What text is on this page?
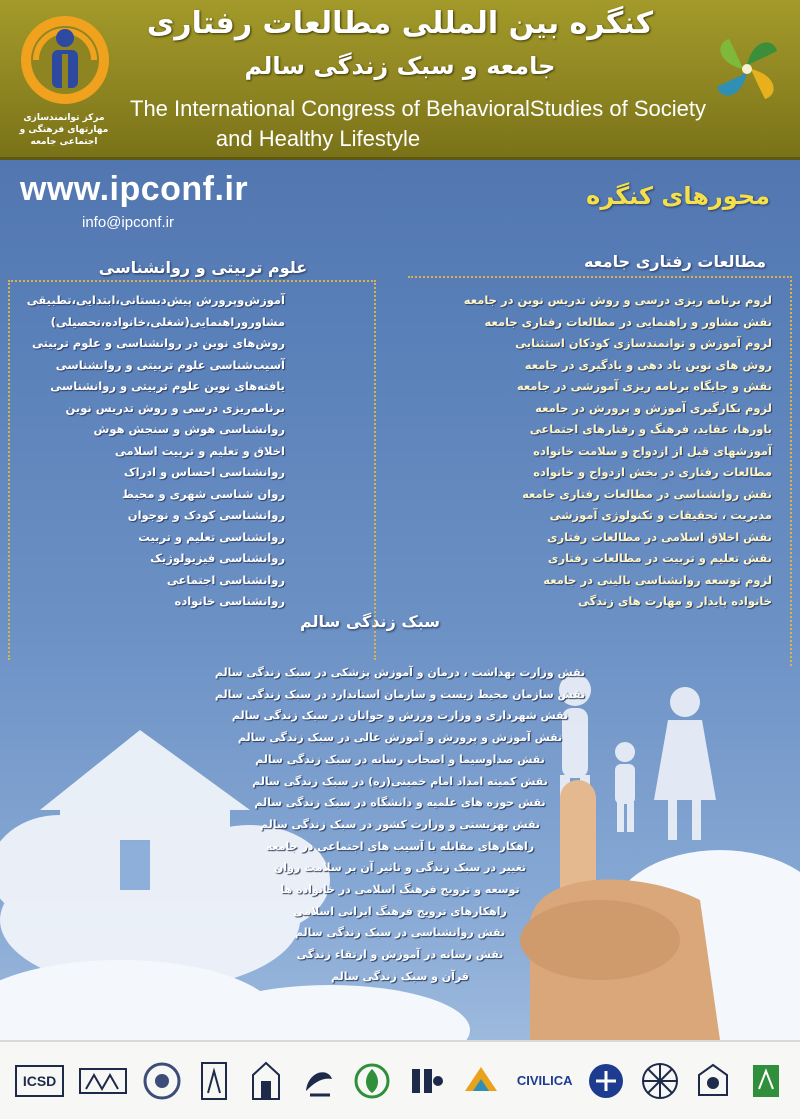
مرکز توانمندسازی مهارتهای فرهنگی و اجتماعی جامعه
کنگره بین المللی مطالعات رفتاری
جامعه و سبک زندگی سالم
The International Congress of BehavioralStudies of Society
and Healthy Lifestyle
www.ipconf.ir
info@ipconf.ir
محورهای کنگره
علوم تربیتی و روانشناسی	مطالعات رفتاری جامعه
سبک زندگی سالم
آموزش‌وپرورش پیش‌دبستانی،ابتدایی،تطبیقی
مشاوروراهنمایی(شغلی،خانواده،تحصیلی)
روش‌های نوین در روانشناسی و علوم تربیتی
آسیب‌شناسی علوم تربیتی و روانشناسی
یافته‌های نوین علوم تربیتی و روانشناسی
برنامه‌ریزی درسی و روش تدریس نوین
روانشناسی هوش و سنجش هوش
اخلاق و تعلیم و تربیت اسلامی
روانشناسی احساس و ادراک
روان شناسی شهری و محیط
روانشناسی کودک و نوجوان
روانشناسی تعلیم و تربیت
روانشناسی فیزیولوژیک
روانشناسی اجتماعی
روانشناسی خانواده
لزوم برنامه ریزی درسی و روش تدریس نوین در جامعه
نقش مشاور و راهنمایی در مطالعات رفتاری جامعه
لزوم آموزش و توانمندسازی کودکان استثنایی
روش های نوین یاد دهی و یادگیری در جامعه
نقش و جایگاه برنامه ریزی آموزشی در جامعه
لزوم بکارگیری آموزش و پرورش در جامعه
باورها، عقاید، فرهنگ و رفتارهای اجتماعی
آموزشهای قبل از ازدواج و سلامت خانواده
مطالعات رفتاری در بخش ازدواج و خانواده
نقش روانشناسی در مطالعات رفتاری جامعه
مدیریت ، تحقیقات و تکنولوژی آموزشی
نقش اخلاق اسلامی در مطالعات رفتاری
نقش تعلیم و تربیت در مطالعات رفتاری
لزوم توسعه روانشناسی بالینی در جامعه
خانواده پایدار و مهارت های زندگی
نقش وزارت بهداشت ، درمان و آموزش پزشکی در سبک زندگی سالم
نقش سازمان محیط زیست و سازمان استاندارد در سبک زندگی سالم
نقش شهرداری و وزارت ورزش و جوانان در سبک زندگی سالم
نقش آموزش و پرورش و آموزش عالی در سبک زندگی سالم
نقش صداوسیما و اصحاب رسانه در سبک زندگی سالم
نقش کمیته امداد امام خمینی(ره) در سبک زندگی سالم
نقش حوزه های علمیه و دانشگاه در سبک زندگی سالم
نقش بهزیستی و وزارت کشور در سبک زندگی سالم
راهکارهای مقابله با آسیب های اجتماعی در جامعه
تغییر در سبک زندگی و تاثیر آن بر سلامت روان
توسعه و ترویج فرهنگ اسلامی در خانواده ها
راهکارهای ترویج فرهنگ ایرانی اسلامی
نقش روانشناسی در سبک زندگی سالم
نقش رسانه در آموزش و ارتقاء زندگی
قرآن و سبک زندگی سالم
ICSD	CIVILICA
